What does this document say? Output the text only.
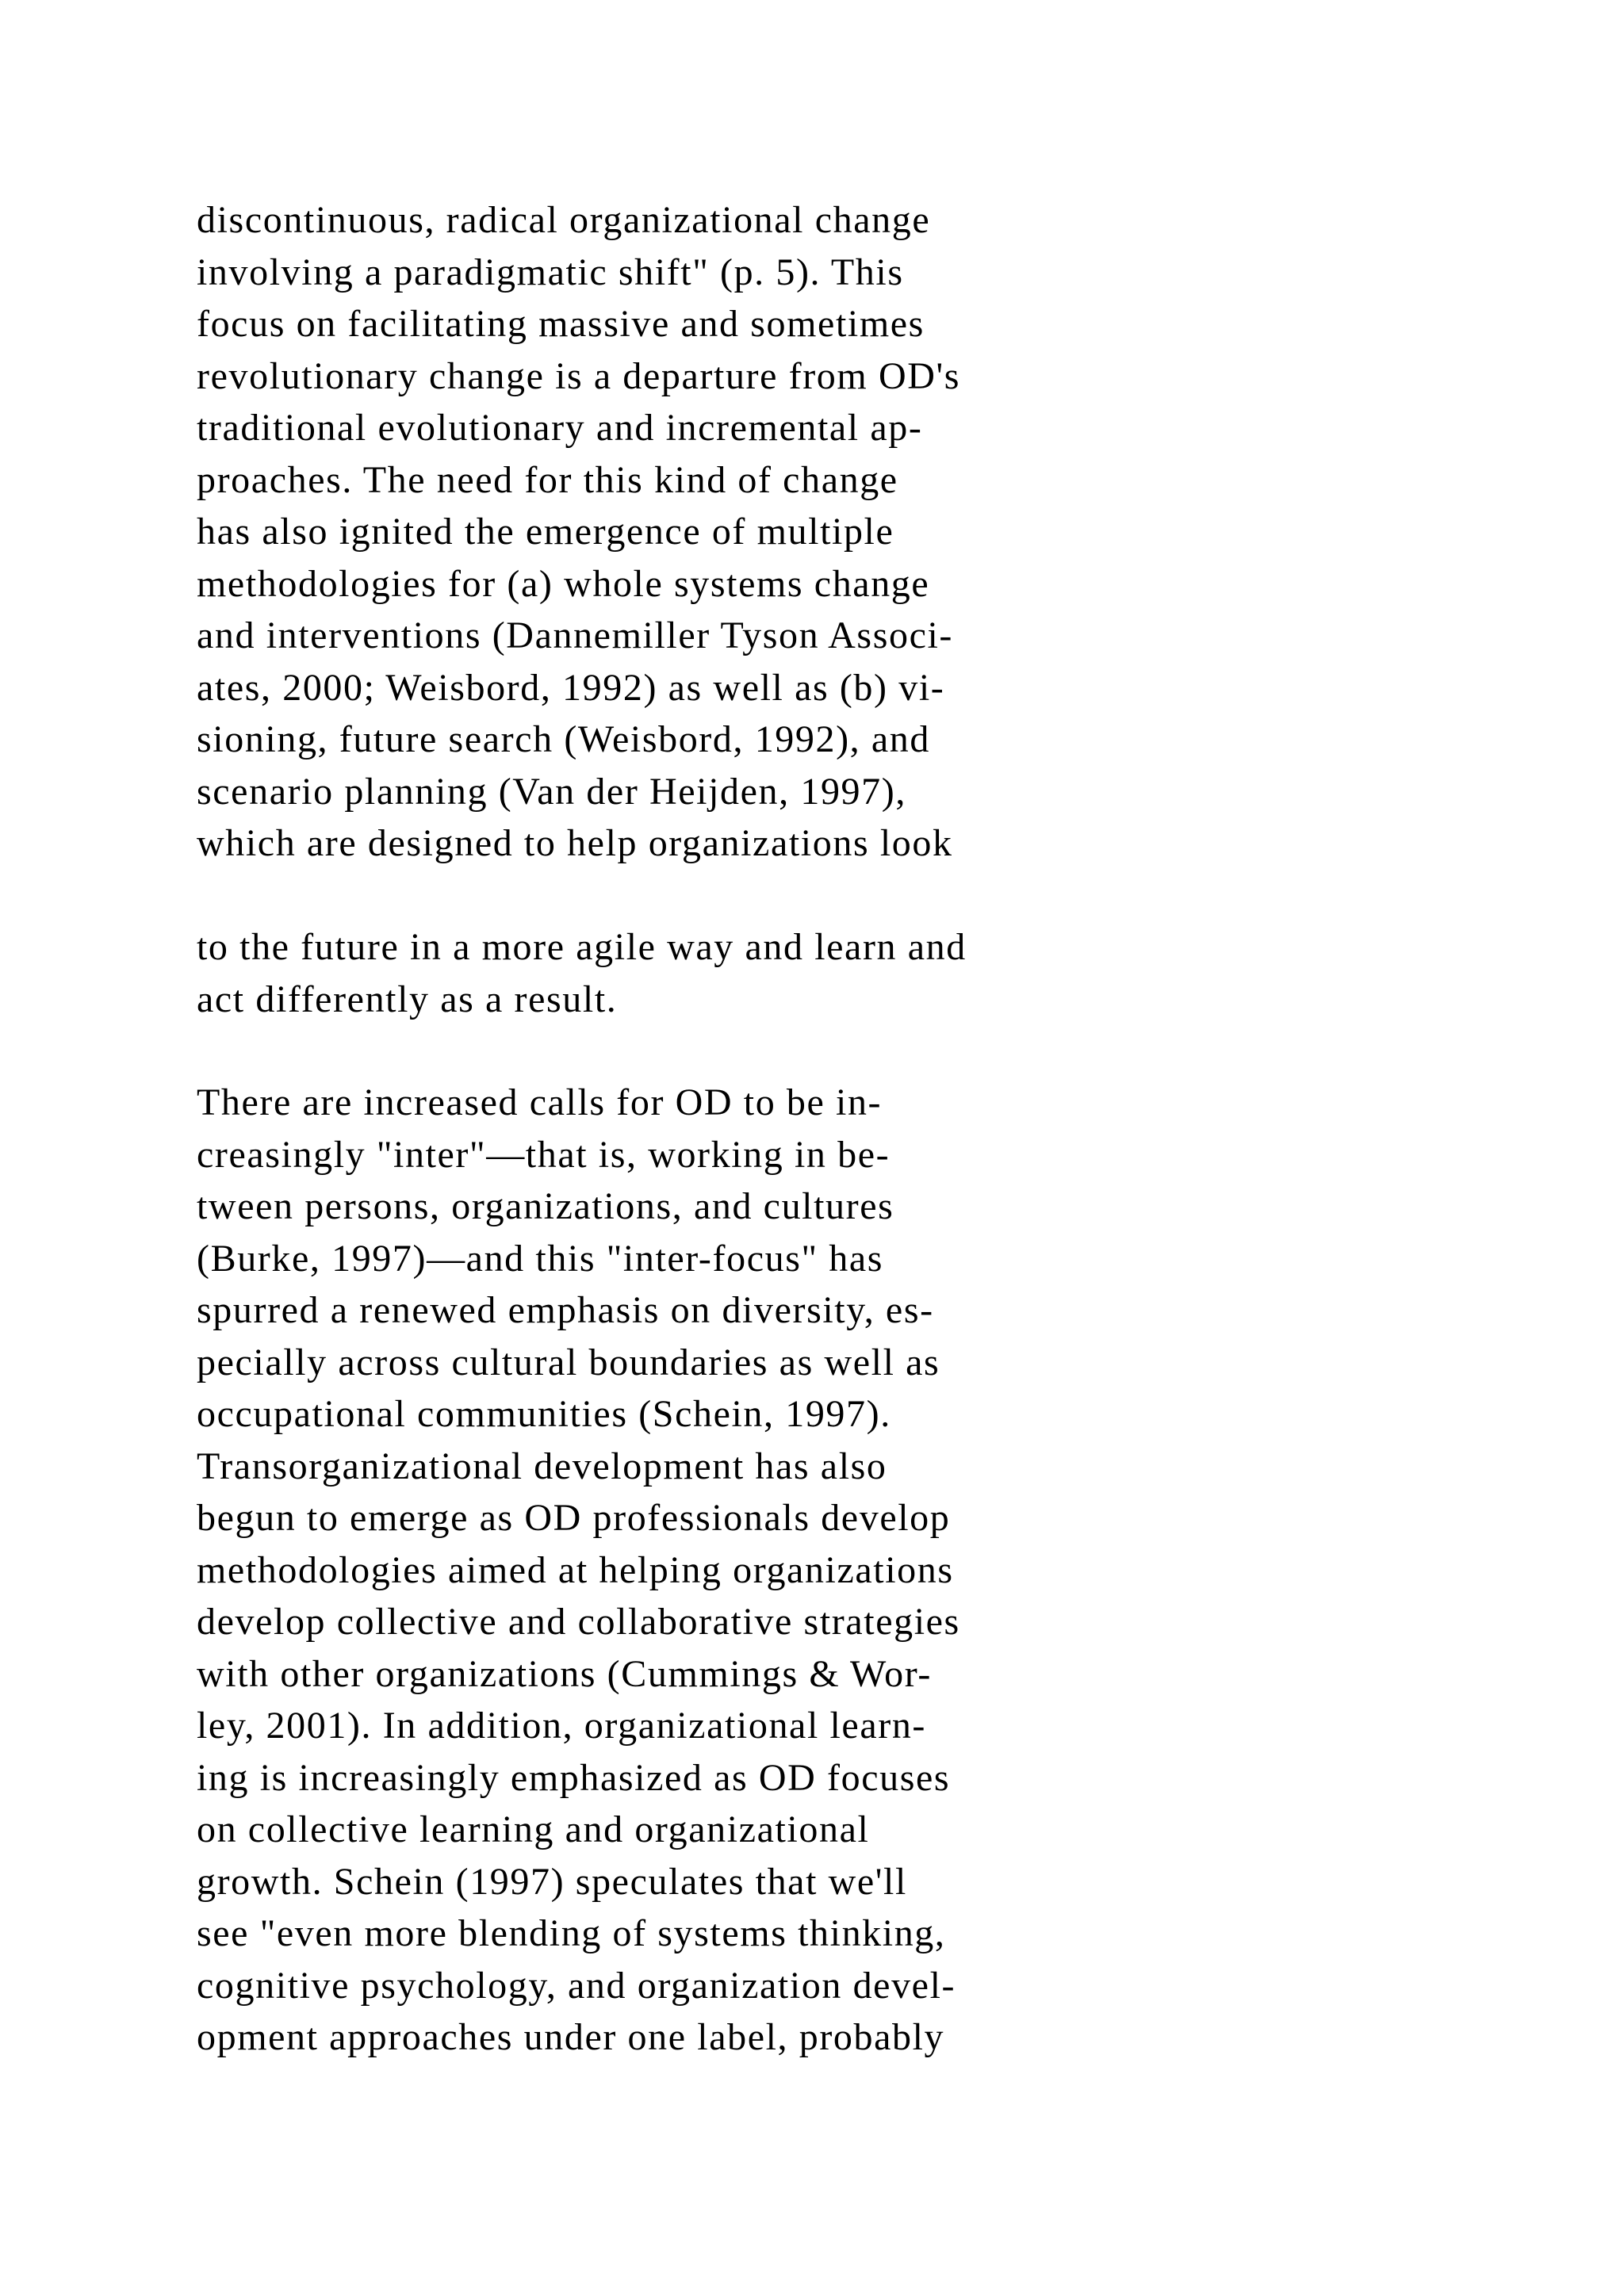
discontinuous, radical organizational change
involving a paradigmatic shift" (p. 5). This
focus on facilitating massive and sometimes
revolutionary change is a departure from OD's
traditional evolutionary and incremental ap-
proaches. The need for this kind of change
has also ignited the emergence of multiple
methodologies for (a) whole systems change
and interventions (Dannemiller Tyson Associ-
ates, 2000; Weisbord, 1992) as well as (b) vi-
sioning, future search (Weisbord, 1992), and
scenario planning (Van der Heijden, 1997),
which are designed to help organizations look

to the future in a more agile way and learn and
act differently as a result.

There are increased calls for OD to be in-
creasingly "inter"—that is, working in be-
tween persons, organizations, and cultures
(Burke, 1997)—and this "inter-focus" has
spurred a renewed emphasis on diversity, es-
pecially across cultural boundaries as well as
occupational communities (Schein, 1997).
Transorganizational development has also
begun to emerge as OD professionals develop
methodologies aimed at helping organizations
develop collective and collaborative strategies
with other organizations (Cummings & Wor-
ley, 2001). In addition, organizational learn-
ing is increasingly emphasized as OD focuses
on collective learning and organizational
growth. Schein (1997) speculates that we'll
see "even more blending of systems thinking,
cognitive psychology, and organization devel-
opment approaches under one label, probably
